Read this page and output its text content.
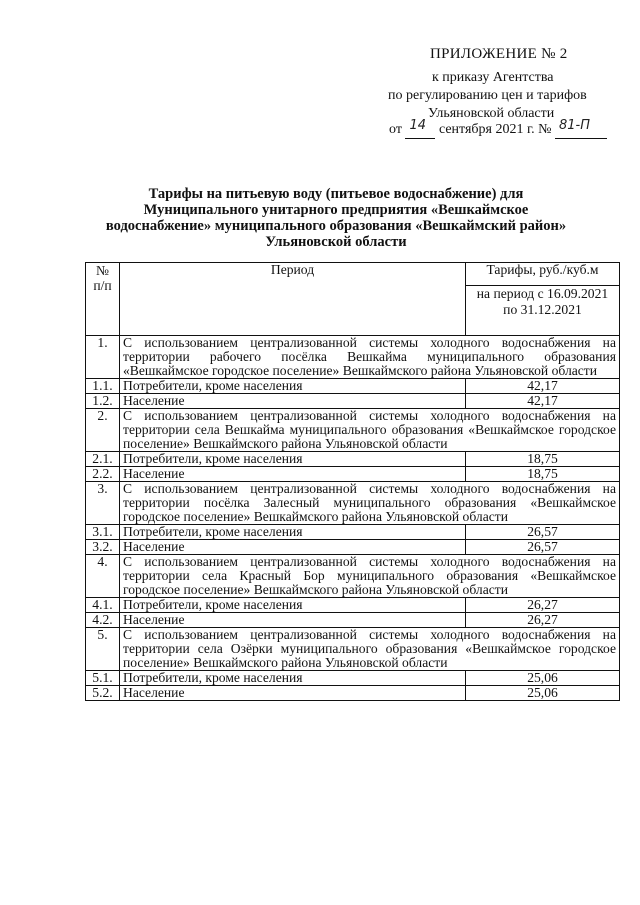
ПРИЛОЖЕНИЕ № 2
к приказу Агентства
по регулированию цен и тарифов
Ульяновской области
от 14 сентября 2021 г. № 81-П

Тарифы на питьевую воду (питьевое водоснабжение) для Муниципального унитарного предприятия «Вешкаймское водоснабжение» муниципального образования «Вешкаймский район» Ульяновской области
№ п/п	Период	Тарифы, руб./куб.м
		на период с 16.09.2021 по 31.12.2021
1.	С использованием централизованной системы холодного водоснабжения на территории рабочего посёлка Вешкайма муниципального образования «Вешкаймское городское поселение» Вешкаймского района Ульяновской области	
1.1.	Потребители, кроме населения	42,17
1.2.	Население	42,17
2.	С использованием централизованной системы холодного водоснабжения на территории села Вешкайма муниципального образования «Вешкаймское городское поселение» Вешкаймского района Ульяновской области	
2.1.	Потребители, кроме населения	18,75
2.2.	Население	18,75
3.	С использованием централизованной системы холодного водоснабжения на территории посёлка Залесный муниципального образования «Вешкаймское городское поселение» Вешкаймского района Ульяновской области	
3.1.	Потребители, кроме населения	26,57
3.2.	Население	26,57
4.	С использованием централизованной системы холодного водоснабжения на территории села Красный Бор муниципального образования «Вешкаймское городское поселение» Вешкаймского района Ульяновской области	
4.1.	Потребители, кроме населения	26,27
4.2.	Население	26,27
5.	С использованием централизованной системы холодного водоснабжения на территории села Озёрки муниципального образования «Вешкаймское городское поселение» Вешкаймского района Ульяновской области	
5.1.	Потребители, кроме населения	25,06
5.2.	Население	25,06
